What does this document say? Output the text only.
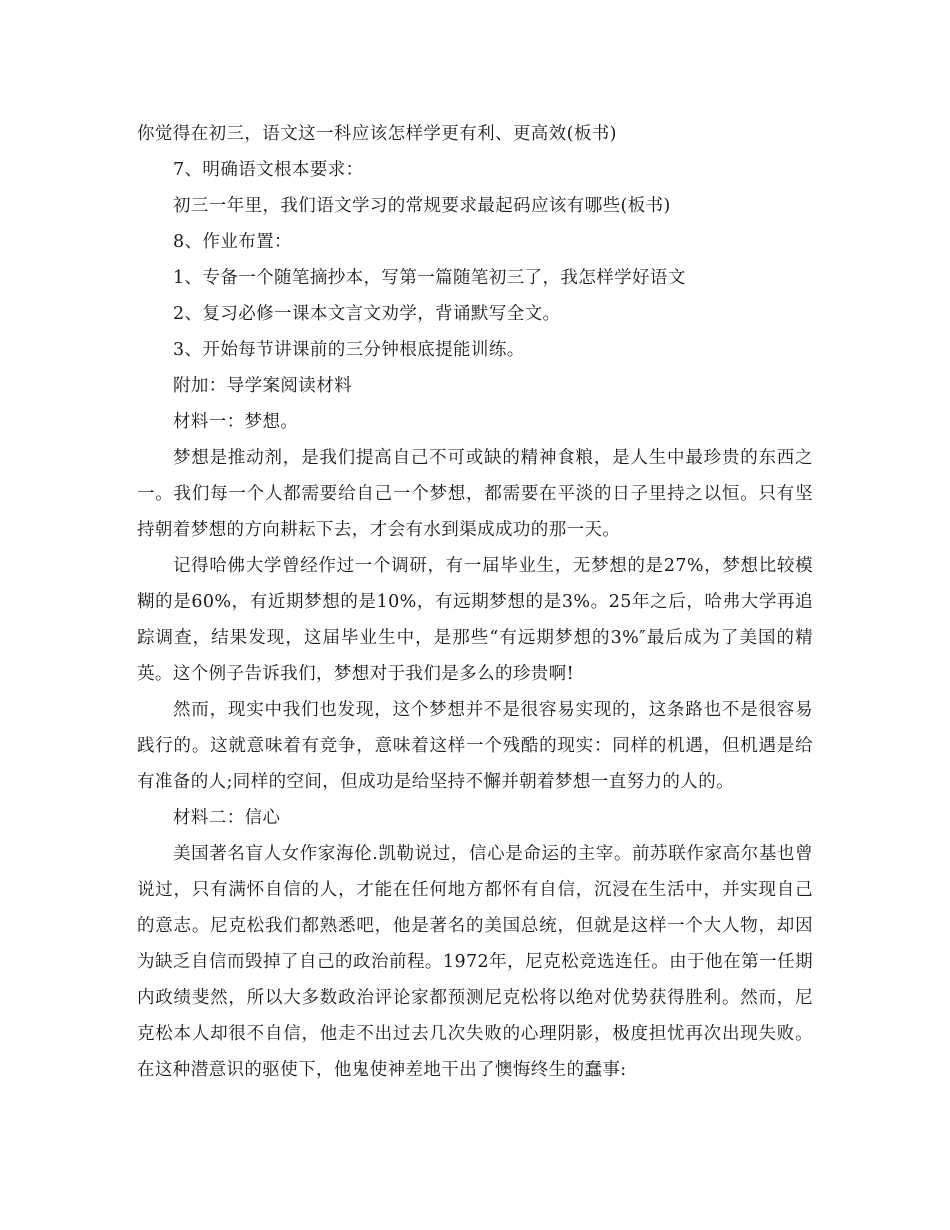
你觉得在初三，语文这一科应该怎样学更有利、更高效(板书)

7、明确语文根本要求：

初三一年里，我们语文学习的常规要求最起码应该有哪些(板书)

8、作业布置：

1、专备一个随笔摘抄本，写第一篇随笔初三了，我怎样学好语文

2、复习必修一课本文言文劝学，背诵默写全文。

3、开始每节讲课前的三分钟根底提能训练。

附加：导学案阅读材料

材料一：梦想。

梦想是推动剂，是我们提高自己不可或缺的精神食粮，是人生中最珍贵的东西之一。我们每一个人都需要给自己一个梦想，都需要在平淡的日子里持之以恒。只有坚持朝着梦想的方向耕耘下去，才会有水到渠成成功的那一天。

记得哈佛大学曾经作过一个调研，有一届毕业生，无梦想的是27%，梦想比较模糊的是60%，有近期梦想的是10%，有远期梦想的是3%。25年之后，哈弗大学再追踪调查，结果发现，这届毕业生中，是那些“有远期梦想的3%″最后成为了美国的精英。这个例子告诉我们，梦想对于我们是多么的珍贵啊!

然而，现实中我们也发现，这个梦想并不是很容易实现的，这条路也不是很容易践行的。这就意味着有竞争，意味着这样一个残酷的现实：同样的机遇，但机遇是给有准备的人;同样的空间，但成功是给坚持不懈并朝着梦想一直努力的人的。

材料二：信心

美国著名盲人女作家海伦.凯勒说过，信心是命运的主宰。前苏联作家高尔基也曾说过，只有满怀自信的人，才能在任何地方都怀有自信，沉浸在生活中，并实现自己的意志。尼克松我们都熟悉吧，他是著名的美国总统，但就是这样一个大人物，却因为缺乏自信而毁掉了自己的政治前程。1972年，尼克松竞选连任。由于他在第一任期内政绩斐然，所以大多数政治评论家都预测尼克松将以绝对优势获得胜利。然而，尼克松本人却很不自信，他走不出过去几次失败的心理阴影，极度担忧再次出现失败。在这种潜意识的驱使下，他鬼使神差地干出了懊悔终生的蠢事:
